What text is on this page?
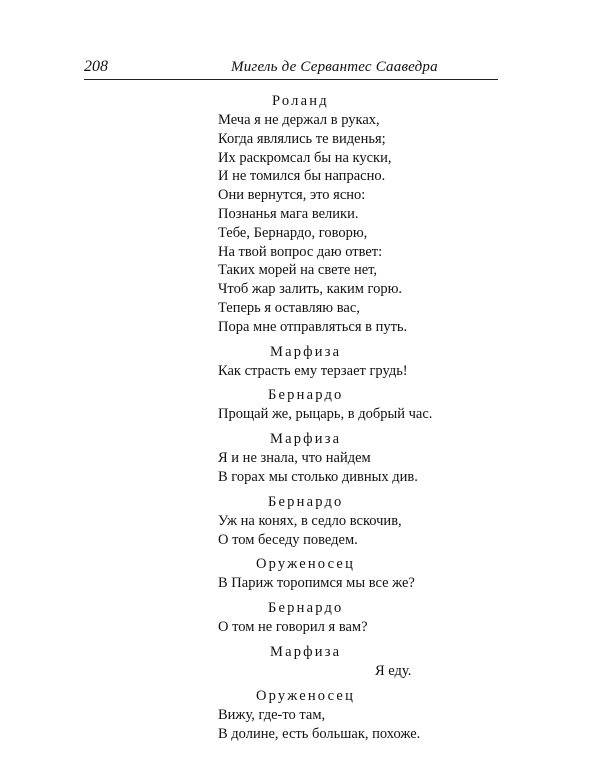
208	Мигель де Сервантес Сааведра
Роланд
Меча я не держал в руках,
Когда являлись те виденья;
Их раскромсал бы на куски,
И не томился бы напрасно.
Они вернутся, это ясно:
Познанья мага велики.
Тебе, Бернардо, говорю,
На твой вопрос даю ответ:
Таких морей на свете нет,
Чтоб жар залить, каким горю.
Теперь я оставляю вас,
Пора мне отправляться в путь.
Марфиза
Как страсть ему терзает грудь!
Бернардо
Прощай же, рыцарь, в добрый час.
Марфиза
Я и не знала, что найдем
В горах мы столько дивных див.
Бернардо
Уж на конях, в седло вскочив,
О том беседу поведем.
Оруженосец
В Париж торопимся мы все же?
Бернардо
О том не говорил я вам?
Марфиза
Я еду.
Оруженосец
Вижу, где-то там,
В долине, есть большак, похоже.
